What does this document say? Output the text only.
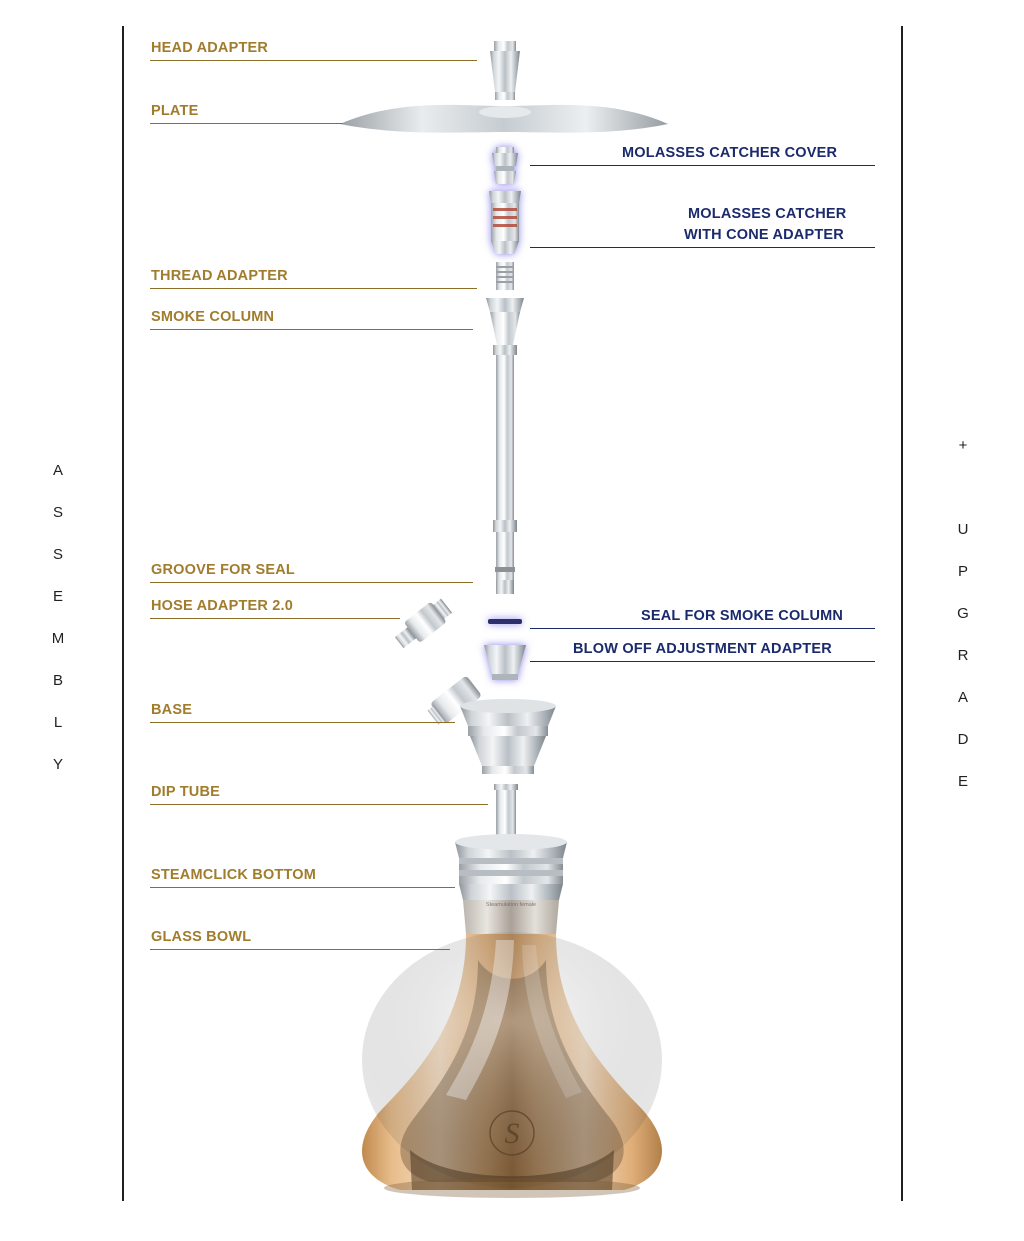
S
Steamulation female
A
S
S
E
M
B
L
Y
+

U
P
G
R
A
D
E
HEAD ADAPTER
PLATE
THREAD ADAPTER
SMOKE COLUMN
GROOVE FOR SEAL
HOSE ADAPTER 2.0
BASE
DIP TUBE
STEAMCLICK BOTTOM
GLASS BOWL
MOLASSES CATCHER COVER
MOLASSES CATCHER
WITH CONE ADAPTER
SEAL FOR SMOKE COLUMN
BLOW OFF ADJUSTMENT ADAPTER
